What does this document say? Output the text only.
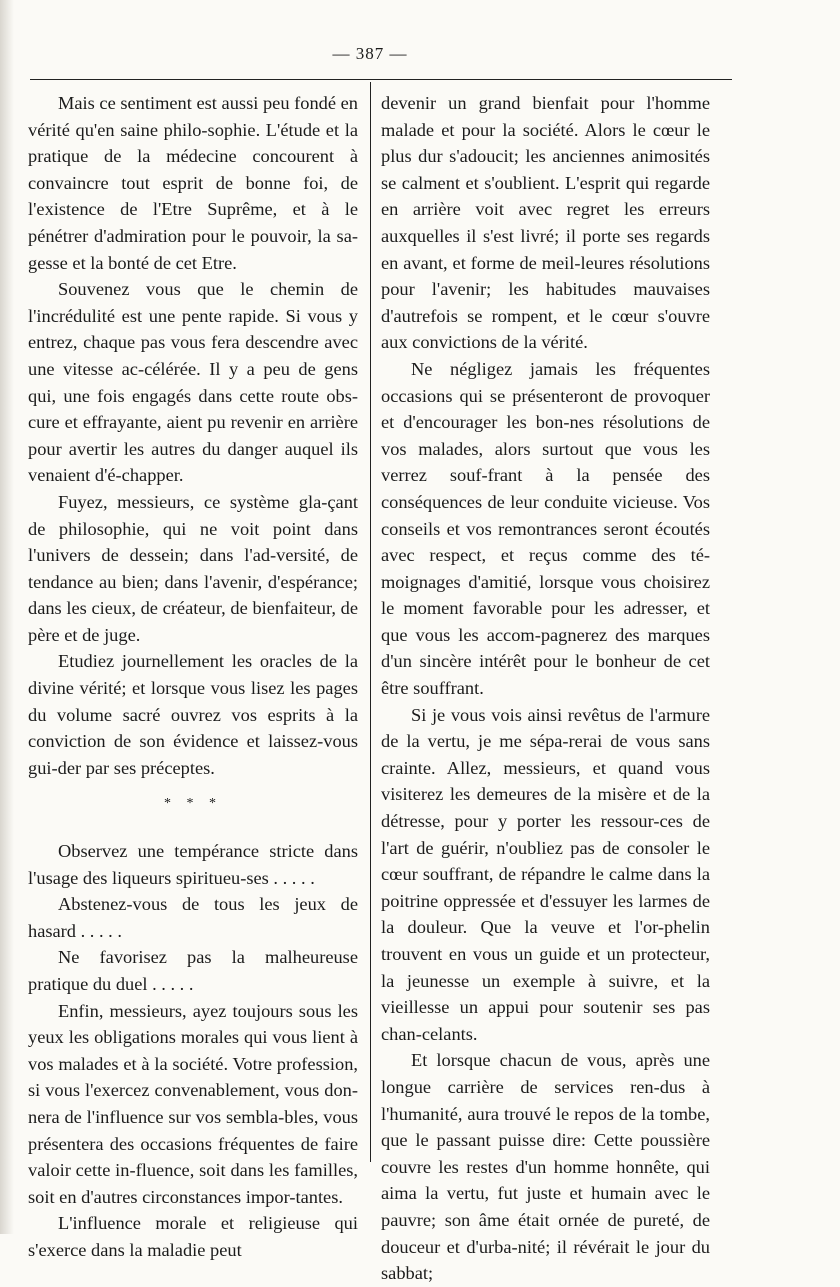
— 387 —

Mais ce sentiment est aussi peu fondé en vérité qu'en saine philo-sophie. L'étude et la pratique de la médecine concourent à convaincre tout esprit de bonne foi, de l'existence de l'Etre Suprême, et à le pénétrer d'admiration pour le pouvoir, la sa-gesse et la bonté de cet Etre.

Souvenez vous que le chemin de l'incrédulité est une pente rapide. Si vous y entrez, chaque pas vous fera descendre avec une vitesse ac-célérée. Il y a peu de gens qui, une fois engagés dans cette route obs-cure et effrayante, aient pu revenir en arrière pour avertir les autres du danger auquel ils venaient d'é-chapper.

Fuyez, messieurs, ce système gla-çant de philosophie, qui ne voit point dans l'univers de dessein; dans l'ad-versité, de tendance au bien; dans l'avenir, d'espérance; dans les cieux, de créateur, de bienfaiteur, de père et de juge.

Etudiez journellement les oracles de la divine vérité; et lorsque vous lisez les pages du volume sacré ouvrez vos esprits à la conviction de son évidence et laissez-vous gui-der par ses préceptes.

* * *

Observez une tempérance stricte dans l'usage des liqueurs spiritueu-ses . . . . .

Abstenez-vous de tous les jeux de hasard . . . . .

Ne favorisez pas la malheureuse pratique du duel . . . . .

Enfin, messieurs, ayez toujours sous les yeux les obligations morales qui vous lient à vos malades et à la société. Votre profession, si vous l'exercez convenablement, vous don-nera de l'influence sur vos sembla-bles, vous présentera des occasions fréquentes de faire valoir cette in-fluence, soit dans les familles, soit en d'autres circonstances impor-tantes.

L'influence morale et religieuse qui s'exerce dans la maladie peut

devenir un grand bienfait pour l'homme malade et pour la société. Alors le cœur le plus dur s'adoucit; les anciennes animosités se calment et s'oublient. L'esprit qui regarde en arrière voit avec regret les erreurs auxquelles il s'est livré; il porte ses regards en avant, et forme de meil-leures résolutions pour l'avenir; les habitudes mauvaises d'autrefois se rompent, et le cœur s'ouvre aux convictions de la vérité.

Ne négligez jamais les fréquentes occasions qui se présenteront de provoquer et d'encourager les bon-nes résolutions de vos malades, alors surtout que vous les verrez souf-frant à la pensée des conséquences de leur conduite vicieuse. Vos conseils et vos remontrances seront écoutés avec respect, et reçus comme des té-moignages d'amitié, lorsque vous choisirez le moment favorable pour les adresser, et que vous les accom-pagnerez des marques d'un sincère intérêt pour le bonheur de cet être souffrant.

Si je vous vois ainsi revêtus de l'armure de la vertu, je me sépa-rerai de vous sans crainte. Allez, messieurs, et quand vous visiterez les demeures de la misère et de la détresse, pour y porter les ressour-ces de l'art de guérir, n'oubliez pas de consoler le cœur souffrant, de répandre le calme dans la poitrine oppressée et d'essuyer les larmes de la douleur. Que la veuve et l'or-phelin trouvent en vous un guide et un protecteur, la jeunesse un exemple à suivre, et la vieillesse un appui pour soutenir ses pas chan-celants.

Et lorsque chacun de vous, après une longue carrière de services ren-dus à l'humanité, aura trouvé le repos de la tombe, que le passant puisse dire: Cette poussière couvre les restes d'un homme honnête, qui aima la vertu, fut juste et humain avec le pauvre; son âme était ornée de pureté, de douceur et d'urba-nité; il révérait le jour du sabbat;
